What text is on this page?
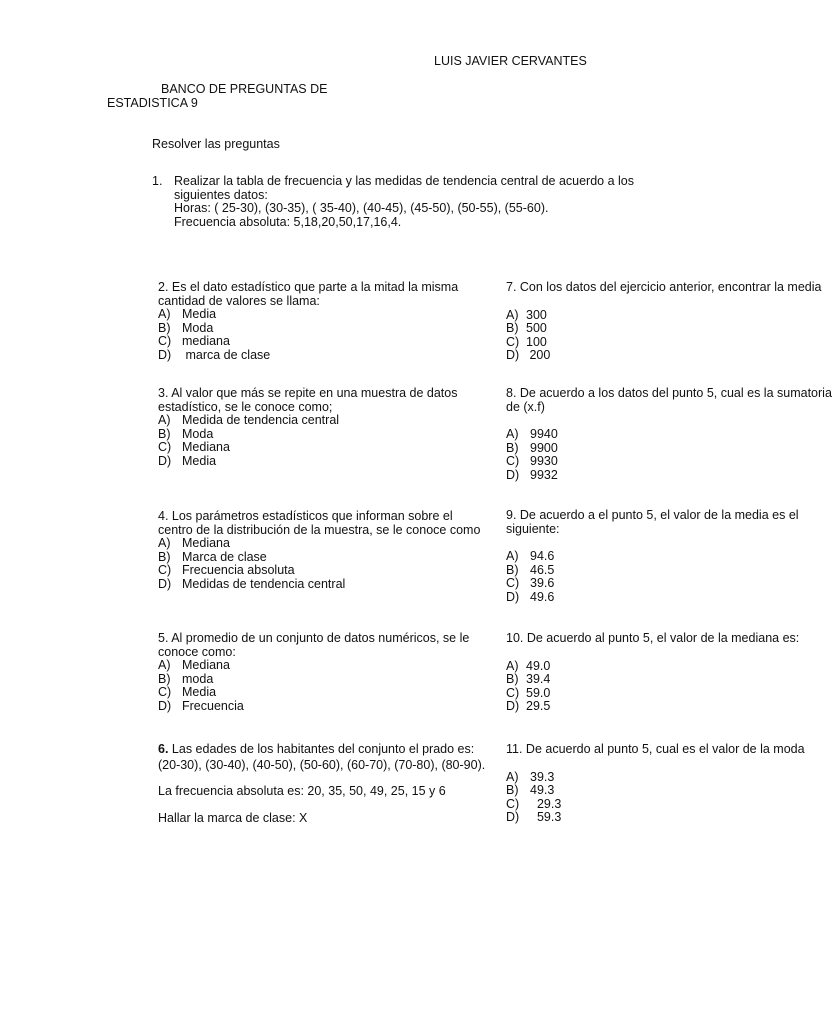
LUIS JAVIER CERVANTES
BANCO DE PREGUNTAS DE
ESTADISTICA 9
Resolver las preguntas
1. Realizar la tabla de frecuencia y las medidas de tendencia central de acuerdo a los
siguientes datos:
Horas: ( 25-30), (30-35), ( 35-40), (40-45), (45-50), (50-55), (55-60).
Frecuencia absoluta: 5,18,20,50,17,16,4.
2. Es el dato estadístico que parte a la mitad la misma
cantidad de valores se llama:
A) Media
B) Moda
C) mediana
D) marca de clase
3. Al valor que más se repite en una muestra de datos
estadístico, se le conoce como;
A) Medida de tendencia central
B) Moda
C) Mediana
D) Media
4. Los parámetros estadísticos que informan sobre el
centro de la distribución de la muestra, se le conoce como
A) Mediana
B) Marca de clase
C) Frecuencia absoluta
D) Medidas de tendencia central
5. Al promedio de un conjunto de datos numéricos, se le
conoce como:
A) Mediana
B) moda
C) Media
D) Frecuencia
6. Las edades de los habitantes del conjunto el prado es:
(20-30), (30-40), (40-50), (50-60), (60-70), (70-80), (80-90).
La frecuencia absoluta es: 20, 35, 50, 49, 25, 15 y 6
Hallar la marca de clase: X
7. Con los datos del ejercicio anterior, encontrar la media
A) 300
B) 500
C) 100
D) 200
8. De acuerdo a los datos del punto 5, cual es la sumatoria
de (x.f)
A) 9940
B) 9900
C) 9930
D) 9932
9. De acuerdo a el punto 5, el valor de la media es el
siguiente:
A) 94.6
B) 46.5
C) 39.6
D) 49.6
10. De acuerdo al punto 5, el valor de la mediana es:
A) 49.0
B) 39.4
C) 59.0
D) 29.5
11. De acuerdo al punto 5, cual es el valor de la moda
A) 39.3
B) 49.3
C) 29.3
D) 59.3
